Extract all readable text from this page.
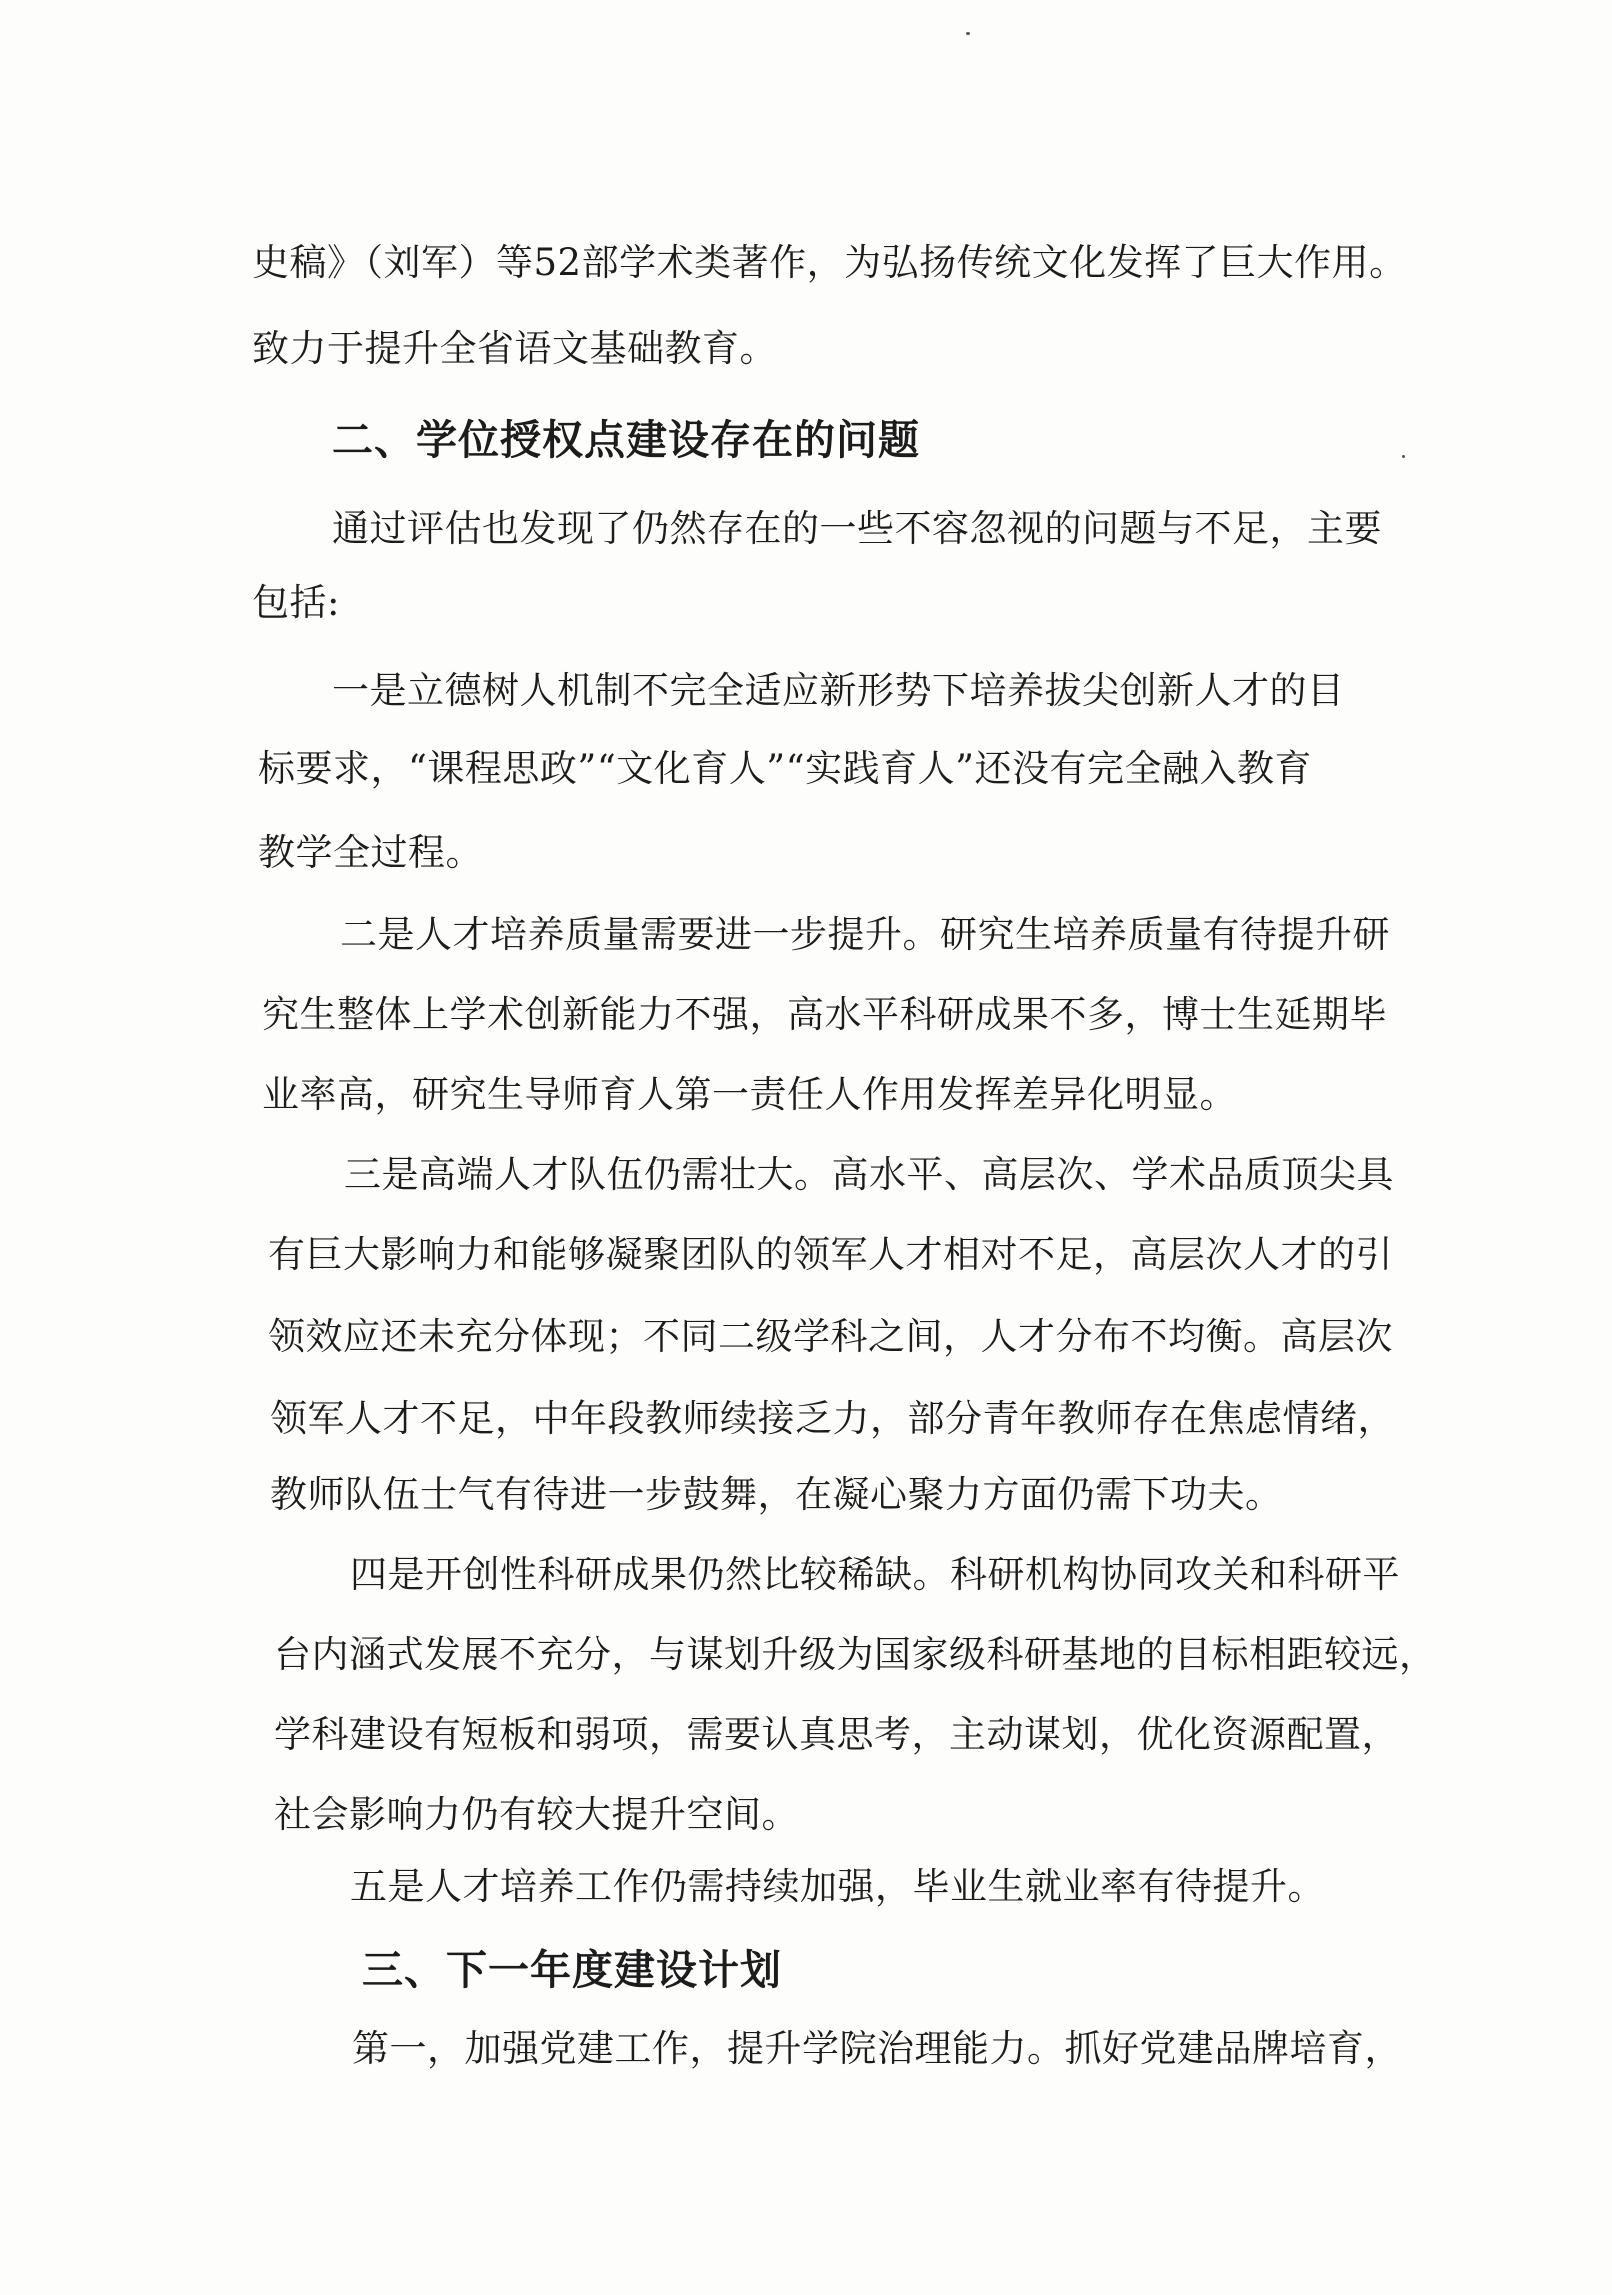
史稿》（刘军）等52部学术类著作，为弘扬传统文化发挥了巨大作用。
致力于提升全省语文基础教育。
二、学位授权点建设存在的问题
通过评估也发现了仍然存在的一些不容忽视的问题与不足，主要
包括:
一是立德树人机制不完全适应新形势下培养拔尖创新人才的目
标要求，“课程思政”“文化育人”“实践育人”还没有完全融入教育
教学全过程。
二是人才培养质量需要进一步提升。研究生培养质量有待提升研
究生整体上学术创新能力不强，高水平科研成果不多，博士生延期毕
业率高，研究生导师育人第一责任人作用发挥差异化明显。
三是高端人才队伍仍需壮大。高水平、高层次、学术品质顶尖具
有巨大影响力和能够凝聚团队的领军人才相对不足，高层次人才的引
领效应还未充分体现；不同二级学科之间，人才分布不均衡。高层次
领军人才不足，中年段教师续接乏力，部分青年教师存在焦虑情绪，
教师队伍士气有待进一步鼓舞，在凝心聚力方面仍需下功夫。
四是开创性科研成果仍然比较稀缺。科研机构协同攻关和科研平
台内涵式发展不充分，与谋划升级为国家级科研基地的目标相距较远，
学科建设有短板和弱项，需要认真思考，主动谋划，优化资源配置，
社会影响力仍有较大提升空间。
五是人才培养工作仍需持续加强，毕业生就业率有待提升。
三、下一年度建设计划
第一，加强党建工作，提升学院治理能力。抓好党建品牌培育，
